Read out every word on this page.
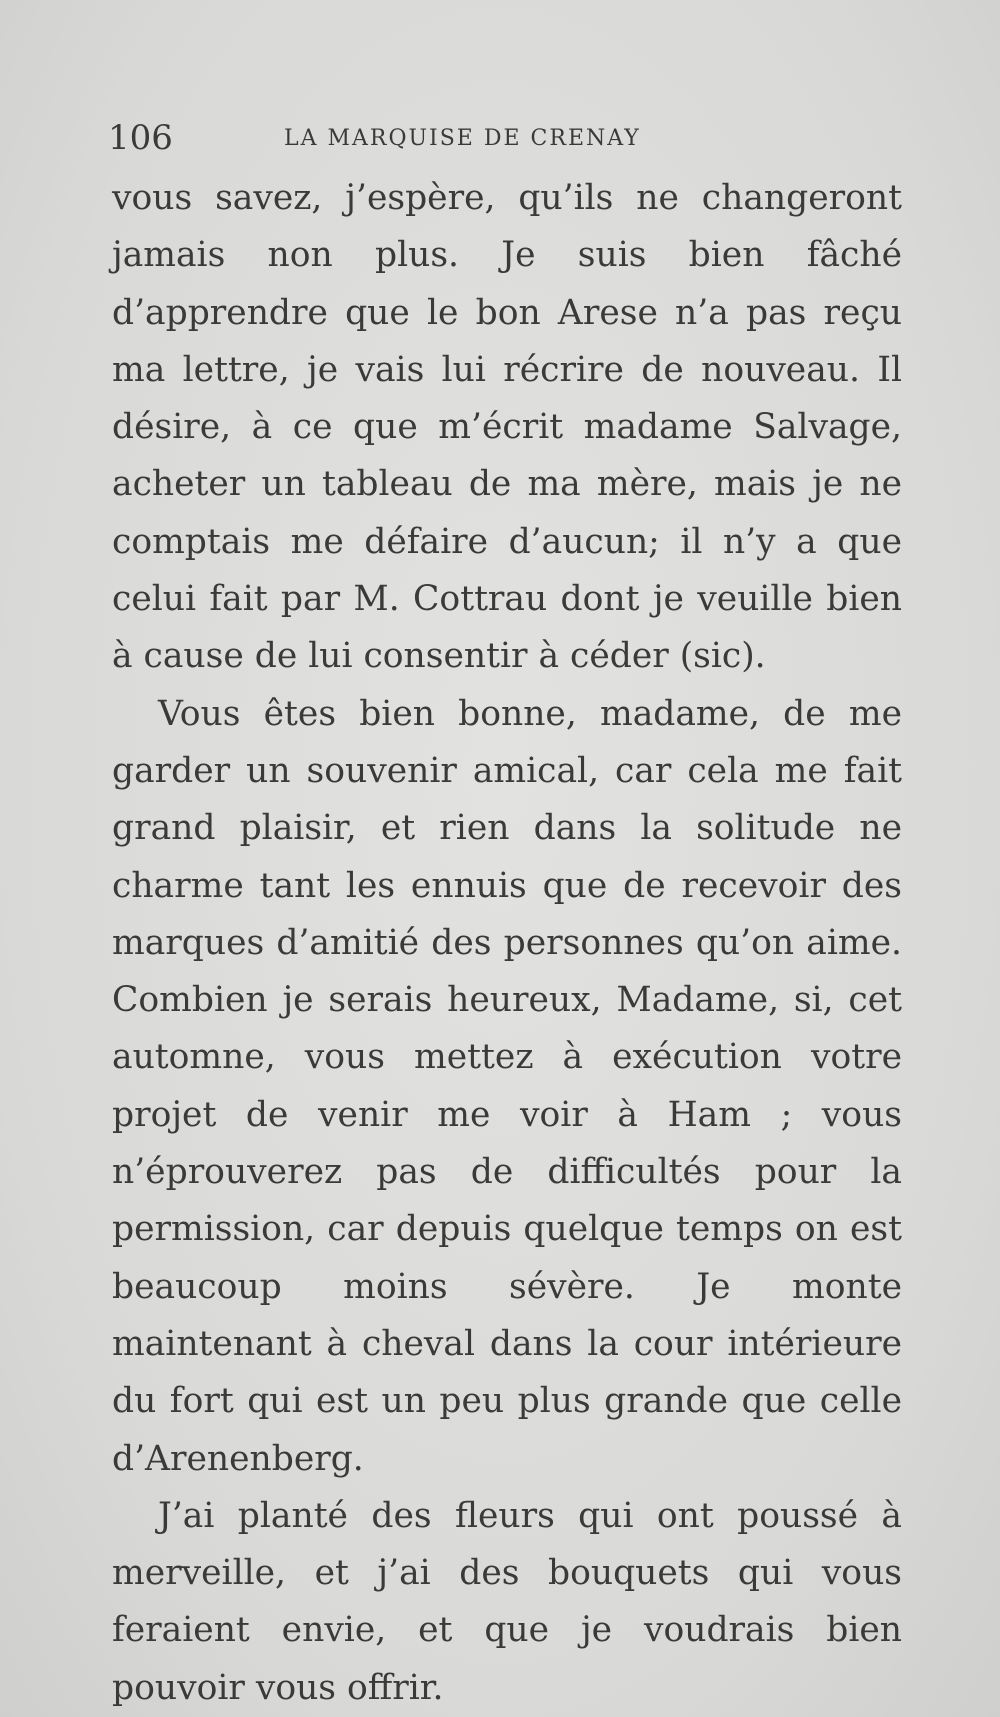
106	LA MARQUISE DE CRENAY

vous savez, j’espère, qu’ils ne changeront jamais non plus. Je suis bien fâché d’apprendre que le bon Arese n’a pas reçu ma lettre, je vais lui récrire de nouveau. Il désire, à ce que m’écrit madame Salvage, acheter un tableau de ma mère, mais je ne comptais me défaire d’aucun; il n’y a que celui fait par M. Cottrau dont je veuille bien à cause de lui consentir à céder (sic).

Vous êtes bien bonne, madame, de me garder un souvenir amical, car cela me fait grand plaisir, et rien dans la solitude ne charme tant les ennuis que de recevoir des marques d’amitié des personnes qu’on aime. Combien je serais heureux, Madame, si, cet automne, vous mettez à exécution votre projet de venir me voir à Ham ; vous n’éprouverez pas de difficultés pour la permission, car depuis quelque temps on est beaucoup moins sévère. Je monte maintenant à cheval dans la cour intérieure du fort qui est un peu plus grande que celle d’Arenenberg.

J’ai planté des fleurs qui ont poussé à merveille, et j’ai des bouquets qui vous feraient envie, et que je voudrais bien pouvoir vous offrir.
